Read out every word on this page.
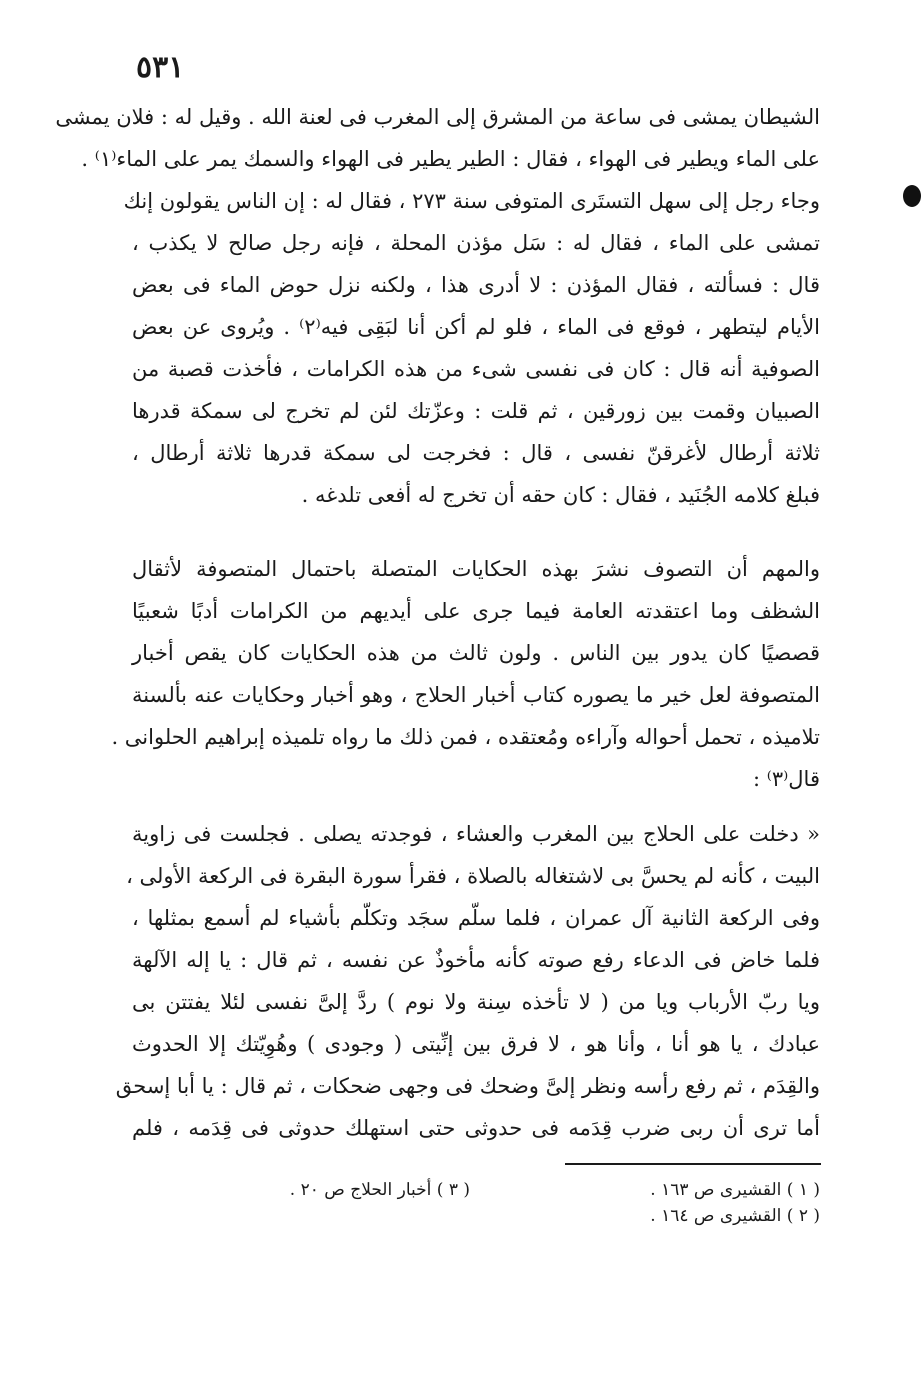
٥٣١
الشيطان يمشى فى ساعة من المشرق إلى المغرب فى لعنة الله . وقيل له : فلان يمشى
على الماء ويطير فى الهواء ، فقال : الطير يطير فى الهواء والسمك يمر على الماء⁽١⁾ .
وجاء رجل إلى سهل التستَرى المتوفى سنة ٢٧٣ ، فقال له : إن الناس يقولون إنك
تمشى على الماء ، فقال له : سَل مؤذن المحلة ، فإنه رجل صالح لا يكذب ،
قال : فسألته ، فقال المؤذن : لا أدرى هذا ، ولكنه نزل حوض الماء فى بعض
الأيام ليتطهر ، فوقع فى الماء ، فلو لم أكن أنا لبَقِى فيه⁽٢⁾ . ويُروى عن بعض
الصوفية أنه قال : كان فى نفسى شىء من هذه الكرامات ، فأخذت قصبة من
الصبيان وقمت بين زورقين ، ثم قلت : وعزّتك لئن لم تخرج لى سمكة قدرها
ثلاثة أرطال لأغرقنّ نفسى ، قال : فخرجت لى سمكة قدرها ثلاثة أرطال ،
فبلغ كلامه الجُنَيد ، فقال : كان حقه أن تخرج له أفعى تلدغه .
والمهم أن التصوف نشرَ بهذه الحكايات المتصلة باحتمال المتصوفة لأثقال
الشظف وما اعتقدته العامة فيما جرى على أيديهم من الكرامات أدبًا شعبيًا
قصصيًا كان يدور بين الناس . ولون ثالث من هذه الحكايات كان يقص أخبار
المتصوفة لعل خير ما يصوره كتاب أخبار الحلاج ، وهو أخبار وحكايات عنه بألسنة
تلاميذه ، تحمل أحواله وآراءه ومُعتقده ، فمن ذلك ما رواه تلميذه إبراهيم الحلوانى .
قال⁽٣⁾ :
« دخلت على الحلاج بين المغرب والعشاء ، فوجدته يصلى . فجلست فى زاوية
البيت ، كأنه لم يحسَّ بى لاشتغاله بالصلاة ، فقرأ سورة البقرة فى الركعة الأولى ،
وفى الركعة الثانية آل عمران ، فلما سلّم سجَد وتكلّم بأشياء لم أسمع بمثلها ،
فلما خاض فى الدعاء رفع صوته كأنه مأخوذٌ عن نفسه ، ثم قال : يا إله الآلهة
ويا ربّ الأرباب ويا من ( لا تأخذه سِنة ولا نوم ) ردَّ إلىَّ نفسى لئلا يفتتن بى
عبادك ، يا هو أنا ، وأنا هو ، لا فرق بين إنِّيتى ( وجودى ) وهُوِيّتك إلا الحدوث
والقِدَم ، ثم رفع رأسه ونظر إلىَّ وضحك فى وجهى ضحكات ، ثم قال : يا أبا إسحق
أما ترى أن ربى ضرب قِدَمه فى حدوثى حتى استهلك حدوثى فى قِدَمه ، فلم
( ١ ) القشيرى ص ١٦٣ .
( ٣ ) أخبار الحلاج ص ٢٠ .
( ٢ ) القشيرى ص ١٦٤ .
